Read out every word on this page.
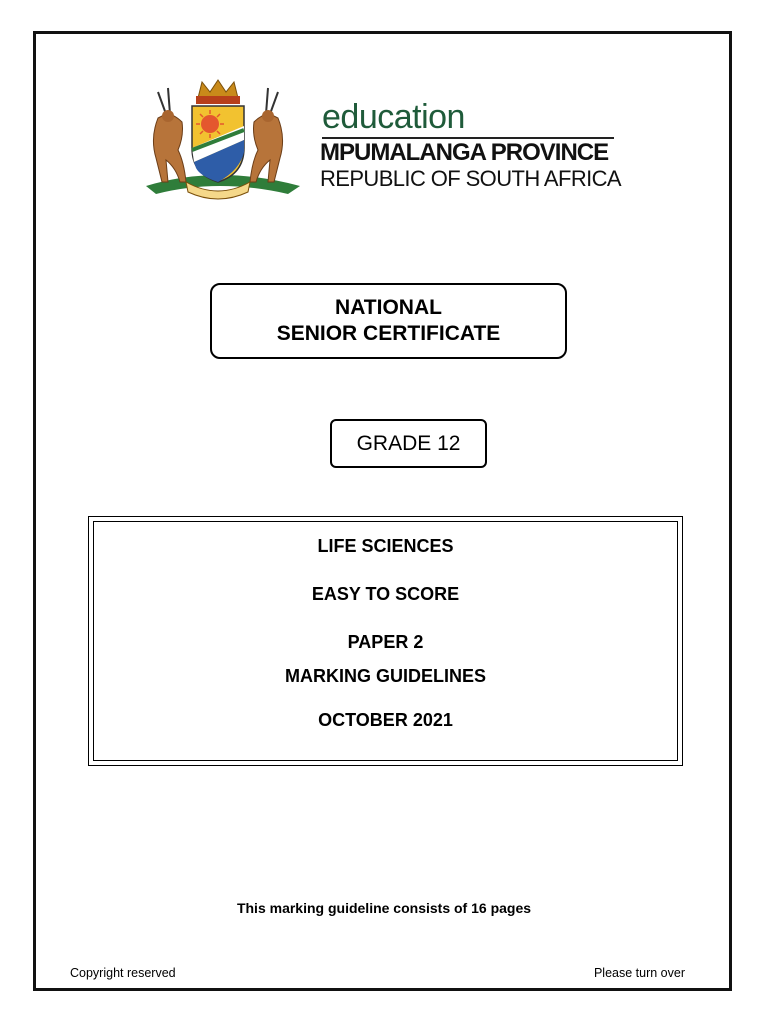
education
MPUMALANGA PROVINCE
REPUBLIC OF SOUTH AFRICA
NATIONAL
SENIOR CERTIFICATE
GRADE 12
LIFE SCIENCES
EASY TO SCORE
PAPER 2
MARKING GUIDELINES
OCTOBER 2021
This marking guideline consists of 16 pages
Copyright reserved	Please turn over
